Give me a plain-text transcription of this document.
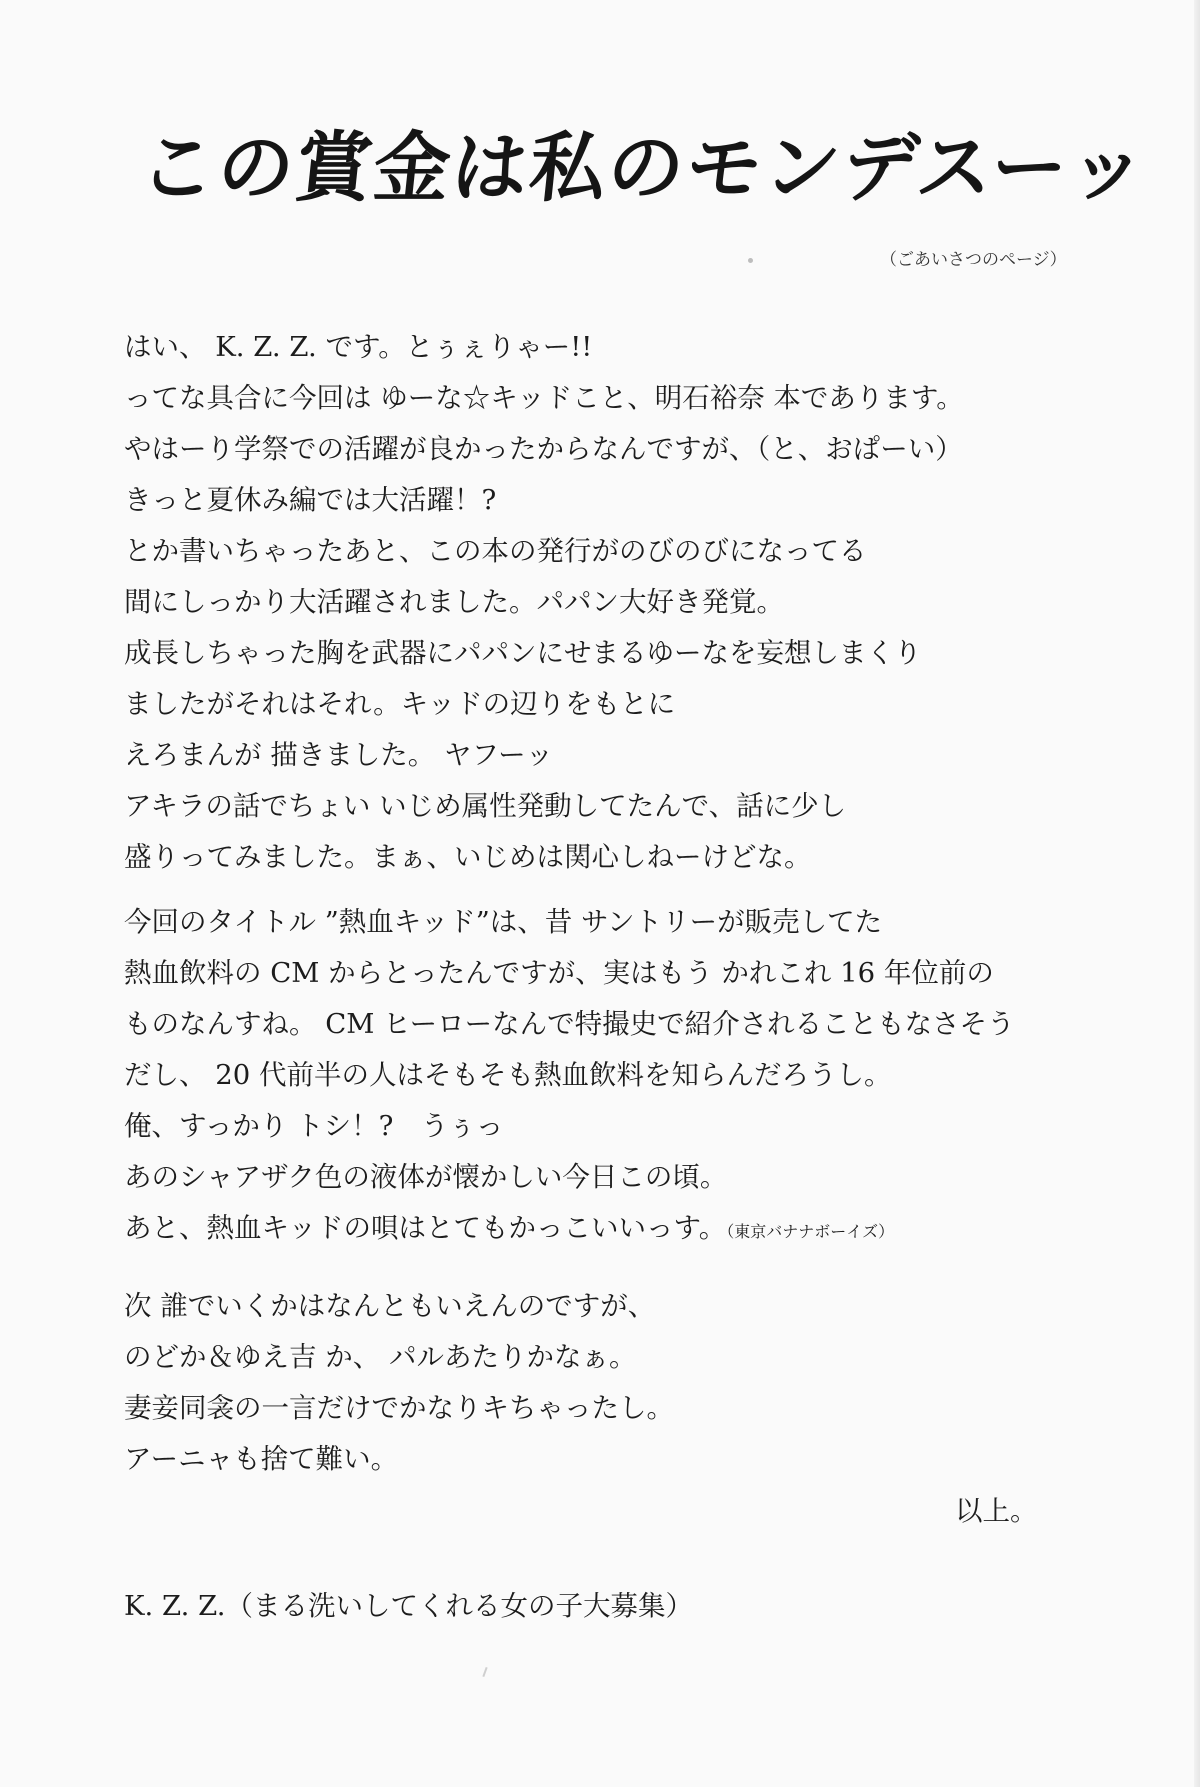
この賞金は私のモンデスーッ
（ごあいさつのページ）
はい、 K. Z. Z. です。とぅぇりゃー!!
ってな具合に今回は ゆーな☆キッドこと、明石裕奈 本であります。
やはーり学祭での活躍が良かったからなんですが、（と、おぱーい）
きっと夏休み編では大活躍！?
とか書いちゃったあと、この本の発行がのびのびになってる
間にしっかり大活躍されました。パパン大好き発覚。
成長しちゃった胸を武器にパパンにせまるゆーなを妄想しまくり
ましたがそれはそれ。キッドの辺りをもとに
えろまんが 描きました。 ヤフーッ
アキラの話でちょい いじめ属性発動してたんで、話に少し
盛りってみました。まぁ、いじめは関心しねーけどな。
今回のタイトル ”熱血キッド”は、昔 サントリーが販売してた
熱血飲料の CM からとったんですが、実はもう かれこれ 16 年位前の
ものなんすね。 CM ヒーローなんで特撮史で紹介されることもなさそう
だし、 20 代前半の人はそもそも熱血飲料を知らんだろうし。
俺、すっかり トシ！?　うぅっ
あのシャアザク色の液体が懐かしい今日この頃。
あと、熱血キッドの唄はとてもかっこいいっす。（東京バナナボーイズ）
次 誰でいくかはなんともいえんのですが、
のどか＆ゆえ吉 か、 パルあたりかなぁ。
妻妾同衾の一言だけでかなりキちゃったし。
アーニャも捨て難い。
以上。
K. Z. Z.（まる洗いしてくれる女の子大募集）
